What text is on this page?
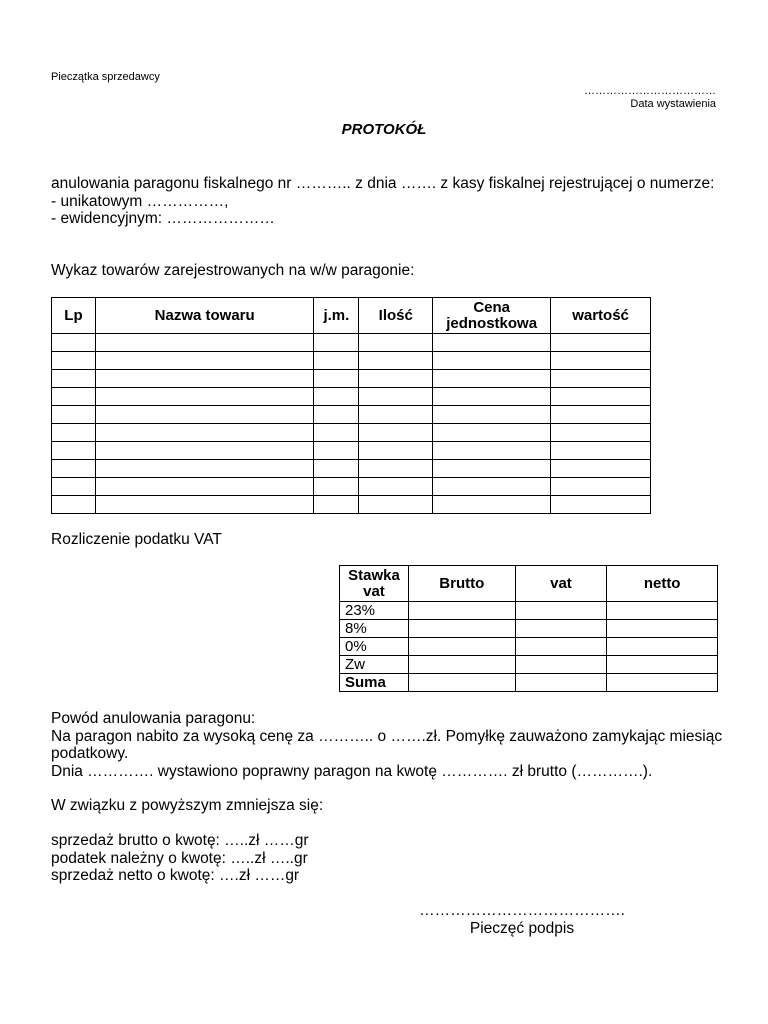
Pieczątka sprzedawcy
………………………………
Data wystawienia
PROTOKÓŁ
anulowania paragonu fiskalnego nr ……….. z dnia ……. z kasy fiskalnej rejestrującej o numerze:
- unikatowym ……………,
- ewidencyjnym: …………………
Wykaz towarów zarejestrowanych na w/w paragonie:
Lp	Nazwa towaru	j.m.	Ilość	Cena jednostkowa	wartość

Rozliczenie podatku VAT
Stawka vat	Brutto	vat	netto
23%			
8%			
0%			
Zw			
Suma			
Powód anulowania paragonu:
Na paragon nabito za wysoką cenę za ……….. o …….zł. Pomyłkę zauważono zamykając miesiąc podatkowy.
Dnia …………. wystawiono poprawny paragon na kwotę …………. zł brutto (………….).
W związku z powyższym zmniejsza się:
sprzedaż brutto o kwotę: …..zł ……gr
podatek należny o kwotę: …..zł …..gr
sprzedaż netto o kwotę: ….zł ……gr
………………………………….
Pieczęć podpis
